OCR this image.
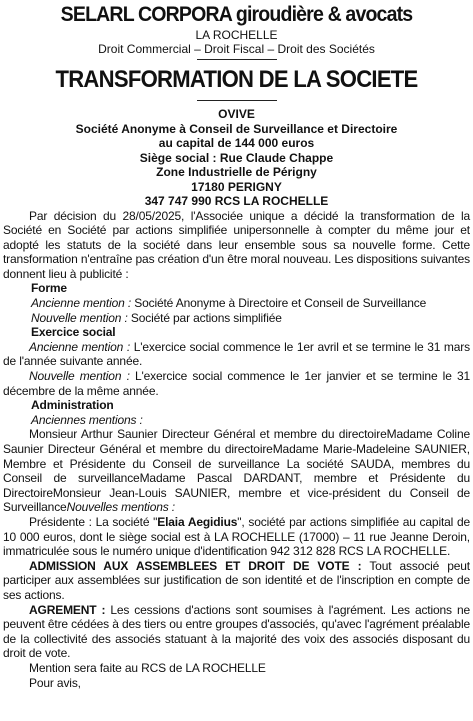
SELARL CORPORA giroudière & avocats
LA ROCHELLE
Droit Commercial – Droit Fiscal – Droit des Sociétés
TRANSFORMATION DE LA SOCIETE
OVIVE
Société Anonyme à Conseil de Surveillance et Directoire
au capital de 144 000 euros
Siège social : Rue Claude Chappe
Zone Industrielle de Périgny
17180 PERIGNY
347 747 990 RCS LA ROCHELLE

Par décision du 28/05/2025, l'Associée unique a décidé la transformation de la Société en Société par actions simplifiée unipersonnelle à compter du même jour et adopté les statuts de la société dans leur ensemble sous sa nouvelle forme. Cette transformation n'entraîne pas création d'un être moral nouveau. Les dispositions suivantes donnent lieu à publicité :

Forme

Ancienne mention : Société Anonyme à Directoire et Conseil de Surveillance

Nouvelle mention : Société par actions simplifiée

Exercice social

Ancienne mention : L'exercice social commence le 1er avril et se termine le 31 mars de l'année suivante année.

Nouvelle mention : L'exercice social commence le 1er janvier et se termine le 31 décembre de la même année.

Administration

Anciennes mentions :

Monsieur Arthur Saunier Directeur Général et membre du directoireMadame Coline Saunier Directeur Général et membre du directoireMadame Marie-Madeleine SAUNIER, Membre et Présidente du Conseil de surveillance La société SAUDA, membres du Conseil de surveillanceMadame Pascal DARDANT, membre et Présidente du DirectoireMonsieur Jean-Louis SAUNIER, membre et vice-président du Conseil de SurveillanceNouvelles mentions :

Présidente : La société "Elaia Aegidius", société par actions simplifiée au capital de 10 000 euros, dont le siège social est à LA ROCHELLE (17000) – 11 rue Jeanne Deroin, immatriculée sous le numéro unique d'identification 942 312 828 RCS LA ROCHELLE.

ADMISSION AUX ASSEMBLEES ET DROIT DE VOTE : Tout associé peut participer aux assemblées sur justification de son identité et de l'inscription en compte de ses actions.

AGREMENT : Les cessions d'actions sont soumises à l'agrément. Les actions ne peuvent être cédées à des tiers ou entre groupes d'associés, qu'avec l'agrément préalable de la collectivité des associés statuant à la majorité des voix des associés disposant du droit de vote.

Mention sera faite au RCS de LA ROCHELLE

Pour avis,
